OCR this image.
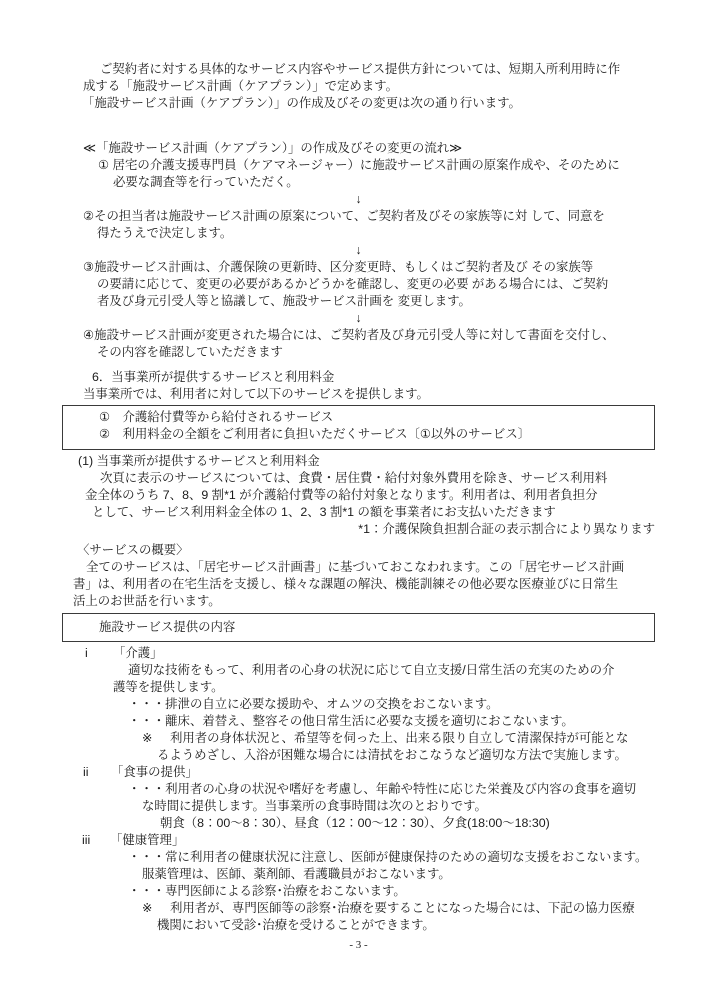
ご契約者に対する具体的なサービス内容やサービス提供方針については、短期入所利用時に作
成する「施設サービス計画（ケアプラン）」で定めます。
「施設サービス計画（ケアプラン）」の作成及びその変更は次の通り行います。
≪「施設サービス計画（ケアプラン）」の作成及びその変更の流れ≫
① 居宅の介護支援専門員（ケアマネージャー）に施設サービス計画の原案作成や、そのために
必要な調査等を行っていただく。
↓
②その担当者は施設サービス計画の原案について、ご契約者及びその家族等に対 して、同意を
得たうえで決定します。
↓
③施設サービス計画は、介護保険の更新時、区分変更時、もしくはご契約者及び その家族等
の要請に応じて、変更の必要があるかどうかを確認し、変更の必要 がある場合には、ご契約
者及び身元引受人等と協議して、施設サービス計画を 変更します。
↓
④施設サービス計画が変更された場合には、ご契約者及び身元引受人等に対して書面を交付し、
その内容を確認していただきます
6．当事業所が提供するサービスと利用料金
当事業所では、利用者に対して以下のサービスを提供します。
①　介護給付費等から給付されるサービス
②　利用料金の全額をご利用者に負担いただくサービス〔①以外のサービス〕
(1) 当事業所が提供するサービスと利用料金
次頁に表示のサービスについては、食費・居住費・給付対象外費用を除き、サービス利用料
金全体のうち 7、8、9 割*1 が介護給付費等の給付対象となります。利用者は、利用者負担分
として、サービス利用料金全体の 1、2、3 割*1 の額を事業者にお支払いただきます
*1：介護保険負担割合証の表示割合により異なります
〈サービスの概要〉
全てのサービスは、「居宅サービス計画書」に基づいておこなわれます。この「居宅サービス計画
書」は、利用者の在宅生活を支援し、様々な課題の解決、機能訓練その他必要な医療並びに日常生
活上のお世話を行います。
施設サービス提供の内容
i 「介護」
適切な技術をもって、利用者の心身の状況に応じて自立支援/日常生活の充実のための介
護等を提供します。
・・・排泄の自立に必要な援助や、オムツの交換をおこないます。
・・・離床、着替え、整容その他日常生活に必要な支援を適切におこないます。
※ 利用者の身体状況と、希望等を伺った上、出来る限り自立して清潔保持が可能とな
るようめざし、入浴が困難な場合には清拭をおこなうなど適切な方法で実施します。
ii 「食事の提供」
・・・利用者の心身の状況や嗜好を考慮し、年齢や特性に応じた栄養及び内容の食事を適切
な時間に提供します。当事業所の食事時間は次のとおりです。
朝食（8：00～8：30）、昼食（12：00～12：30）、夕食(18:00～18:30)
iii 「健康管理」
・・・常に利用者の健康状況に注意し、医師が健康保持のための適切な支援をおこないます。
服薬管理は、医師、薬剤師、看護職員がおこないます。
・・・専門医師による診察･治療をおこないます。
※ 利用者が、専門医師等の診察･治療を要することになった場合には、下記の協力医療
機関において受診･治療を受けることができます。
- 3 -
